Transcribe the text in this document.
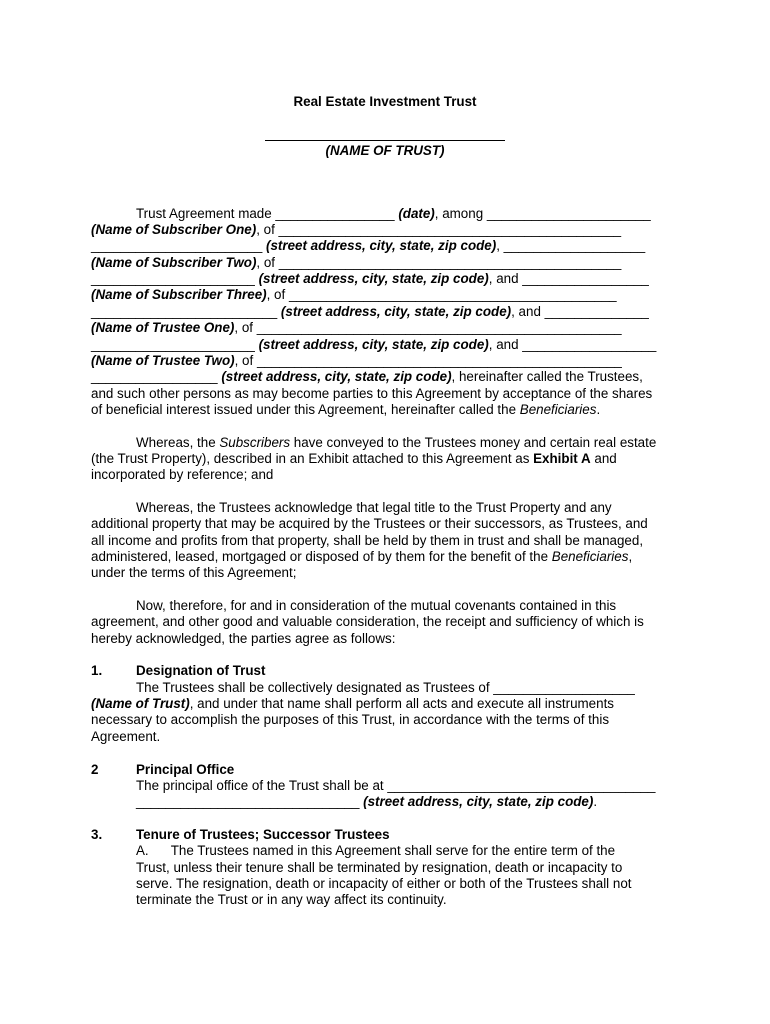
Real Estate Investment Trust
(NAME OF TRUST)
Trust Agreement made ________________ (date), among ______________________
(Name of Subscriber One), of ______________________________________________
_______________________ (street address, city, state, zip code), ___________________
(Name of Subscriber Two), of ______________________________________________
______________________ (street address, city, state, zip code), and _________________
(Name of Subscriber Three), of ____________________________________________
_________________________ (street address, city, state, zip code), and ______________
(Name of Trustee One), of _________________________________________________
______________________ (street address, city, state, zip code), and __________________
(Name of Trustee Two), of _________________________________________________
_________________ (street address, city, state, zip code), hereinafter called the Trustees,
and such other persons as may become parties to this Agreement by acceptance of the shares
of beneficial interest issued under this Agreement, hereinafter called the Beneficiaries.
Whereas, the Subscribers have conveyed to the Trustees money and certain real estate
(the Trust Property), described in an Exhibit attached to this Agreement as Exhibit A and
incorporated by reference; and
Whereas, the Trustees acknowledge that legal title to the Trust Property and any
additional property that may be acquired by the Trustees or their successors, as Trustees, and
all income and profits from that property, shall be held by them in trust and shall be managed,
administered, leased, mortgaged or disposed of by them for the benefit of the Beneficiaries,
under the terms of this Agreement;
Now, therefore, for and in consideration of the mutual covenants contained in this
agreement, and other good and valuable consideration, the receipt and sufficiency of which is
hereby acknowledged, the parties agree as follows:
1.	Designation of Trust
The Trustees shall be collectively designated as Trustees of ___________________
(Name of Trust), and under that name shall perform all acts and execute all instruments
necessary to accomplish the purposes of this Trust, in accordance with the terms of this
Agreement.
2	Principal Office
The principal office of the Trust shall be at ____________________________________
______________________________ (street address, city, state, zip code).
3.	Tenure of Trustees; Successor Trustees
A.      The Trustees named in this Agreement shall serve for the entire term of the
Trust, unless their tenure shall be terminated by resignation, death or incapacity to
serve. The resignation, death or incapacity of either or both of the Trustees shall not
terminate the Trust or in any way affect its continuity.
